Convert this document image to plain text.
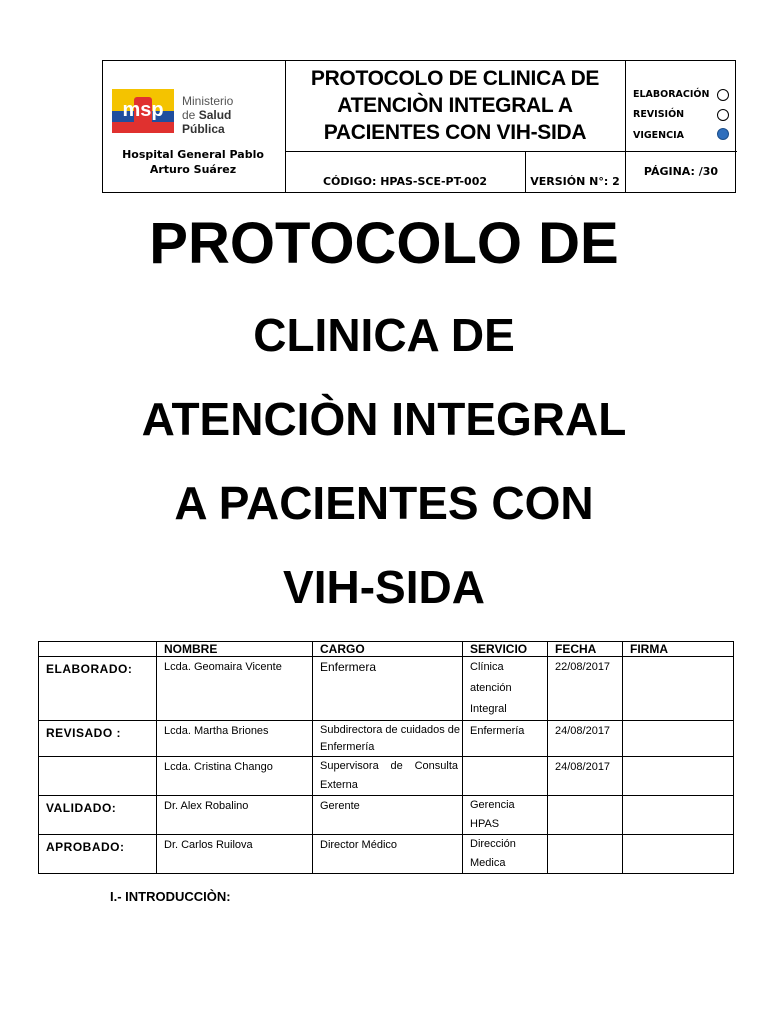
msp Ministerio
de Salud Pública
Hospital General Pablo
Arturo Suárez
PROTOCOLO DE CLINICA DE
ATENCIÒN INTEGRAL A
PACIENTES CON VIH-SIDA
CÓDIGO: HPAS-SCE-PT-002	VERSIÓN N°: 2
ELABORACIÓN
REVISIÓN
VIGENCIA
PÁGINA: /30
PROTOCOLO DE
CLINICA DE
ATENCIÒN INTEGRAL
A PACIENTES CON
VIH-SIDA
	NOMBRE	CARGO	SERVICIO	FECHA	FIRMA
ELABORADO:	Lcda. Geomaira Vicente	Enfermera	Clínica atención Integral	22/08/2017	
REVISADO :	Lcda. Martha Briones	Subdirectora de cuidados de Enfermería	Enfermería	24/08/2017	
	Lcda. Cristina Chango	Supervisora de Consulta Externa		24/08/2017	
VALIDADO:	Dr. Alex Robalino	Gerente	Gerencia HPAS		
APROBADO:	Dr. Carlos Ruilova	Director Médico	Dirección Medica		
I.- INTRODUCCIÒN:
